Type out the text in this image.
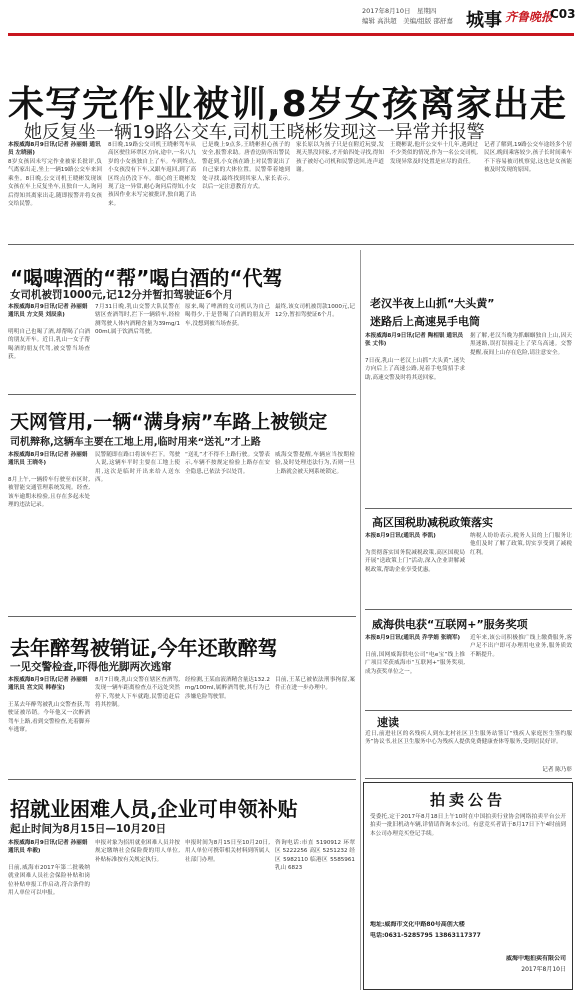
2017年8月10日　星期四
编辑 高洪超　美编/组版 邵舒嘉 城事 齐鲁晚报
C03
未写完作业被训,8岁女孩离家出走
她反复坐一辆19路公交车,司机王晓彬发现这一异常并报警
本报威海8月9日讯(记者 孙丽娟 通讯员 左晓丽)
8岁女孩因未写完作业被家长批评,负气离家出走,坐上一辆19路公交车来回乘坐。8日晚,公交司机王晓彬发现该女孩在车上反复坐车,且独自一人,询问后得知其离家出走,随即报警并将女孩交给民警。
8日晚,19路公交司机王晓彬驾车从高区驶往环翠区方向,途中,一名八九岁的小女孩独自上了车。车到终点,小女孩没有下车,又跟车返回,到了高区终点仍没下车。细心的王晓彬发现了这一异常,耐心询问后得知,小女孩因作业未写完被批评,独自跑了出来。
已是晚上9点多,王晓彬担心孩子的安全,报警求助。唐香边防所出警民警赶到,小女孩在路上对民警说出了自己家的大体位置。民警带着她到处寻找,最终找到其家人,家长表示,以后一定注意教育方式。
家长原以为孩子只是在附近玩耍,发现天黑没回家,才开始四处寻找,得知孩子被好心司机和民警送回,连声道谢。
王晓彬说,他开公交车十几年,遇到过不少类似的情况,作为一名公交司机,发现异常及时处置是应尽的责任。
记者了解到,19路公交车途经多个居民区,晚间乘客较少,孩子长时间乘车不下容易被司机察觉,这也是女孩能被及时发现的原因。
“喝啤酒的“帮”喝白酒的“代驾
女司机被罚1000元,记12分并暂扣驾驶证6个月
本报威海8月9日讯(记者 孙丽娟 通讯员 方文昊 刘辰泉)
明明自己也喝了酒,却帮喝了白酒的朋友开车。近日,乳山一女子帮喝酒的朋友代驾,被交警当场查获。
7月31日晚,乳山交警大队民警在辖区查酒驾时,拦下一辆轿车,经检测驾驶人体内酒精含量为39mg/100ml,属于饮酒后驾驶。
原来,喝了啤酒的女司机认为自己喝得少,于是替喝了白酒的朋友开车,没想到被当场查获。
最终,该女司机被罚款1000元,记12分,暂扣驾驶证6个月。
天网管用,一辆“满身病”车路上被锁定
司机辩称,这辆车主要在工地上用,临时用来“送礼”才上路
本报威海8月9日讯(记者 孙丽娟 通讯员 王晓冬)
8月上午,一辆轿车行驶至市区时,被智能交通管理系统发现。经查,该车逾期未检验,且存在多起未处理的违法记录。
民警随即在路口将该车拦下。驾驶人说,这辆车平时主要在工地上使用,这次是临时开出来给人送东西。
“送礼”才不得不上路行驶。交警表示,车辆不按规定检验上路存在安全隐患,已依法予以处罚。
威海交警提醒,车辆应当按期检验,及时处理违法行为,否则一旦上路就会被天网系统锁定。
去年醉驾被销证,今年还敢醉驾
一见交警检查,吓得他光脚两次逃窜
本报威海8月9日讯(记者 孙丽娟 通讯员 宫文民 韩春宝)
王某去年醉驾被乳山交警查获,驾驶证被吊销。今年他又一次醉酒驾车上路,看到交警检查,光着脚弃车逃窜。
8月7日晚,乳山交警在辖区查酒驾,发现一辆车距离检查点不远处突然停下,驾驶人下车就跑,民警追赶后将其控制。
经检测,王某血液酒精含量达132.2mg/100ml,属醉酒驾驶,其行为已涉嫌危险驾驶罪。
目前,王某已被依法刑事拘留,案件正在进一步办理中。
招就业困难人员,企业可申领补贴
起止时间为8月15日—10月20日
本报威海8月9日讯(记者 孙丽娟 通讯员 牟毅)
日前,威海市2017年第二批吸纳就业困难人员社会保险补贴和岗位补贴申报工作启动,符合条件的用人单位可以申报。
申报对象为招用就业困难人员并按规定缴纳社会保险费的用人单位,补贴标准按有关规定执行。
申报时间为8月15日至10月20日,用人单位可携带相关材料到所属人社部门办理。
咨询电话:市直 5190912 环翠区 5222256 高区 5251232 经区 5982110 临港区 5585961 乳山 6823
老汉半夜上山抓“大头黄”
迷路后上高速晃手电筒
本报威海8月9日讯(记者 陶相银 通讯员 张 丈伟)
7日夜,乳山一老汉上山抓“大头黄”,迷失方向后上了高速公路,晃着手电筒招手求助,高速交警及时将其送回家。
据了解,老汉当晚为抓蝈蝈独自上山,因天黑迷路,误打误撞走上了荣乌高速。交警提醒,夜间上山存在危险,请注意安全。
高区国税助减税政策落实
本报8月9日讯(通讯员 李凯)
为贯彻落实国务院减税政策,高区国税局开展“送政策上门”活动,深入企业讲解减税政策,帮助企业享受优惠。
纳税人纷纷表示,税务人员的上门服务让他们及时了解了政策,切实享受到了减税红利。
威海供电获“互联网+”服务奖项
本报8月9日讯(通讯员 乔学娟 张晓军)
日前,国网威海供电公司“电e宝”线上推广项目荣获威海市“互联网+”服务奖项,成为获奖单位之一。
近年来,该公司积极推广线上缴费服务,客户足不出户即可办理用电业务,服务质效不断提升。
速读
近日,前进社区的名残疾人到东北村社区卫生服务站签订“残疾人家庭医生签约服务”协议书,社区卫生服务中心为残疾人提供免费健康查体等服务,受到居民好评。
记者 陈乃彰
拍卖公告
受委托,定于2017年8月18日上午10时在中国拍卖行业协会网络拍卖平台公开拍卖一批旧机动车辆,详情请咨询本公司。有意竞买者请于8月17日下午4时前到本公司办理竞买登记手续。
地址:威海市文化中路80号高创大楼
电话:0631-5285795 13863117377
威海中地拍卖有限公司
2017年8月10日
